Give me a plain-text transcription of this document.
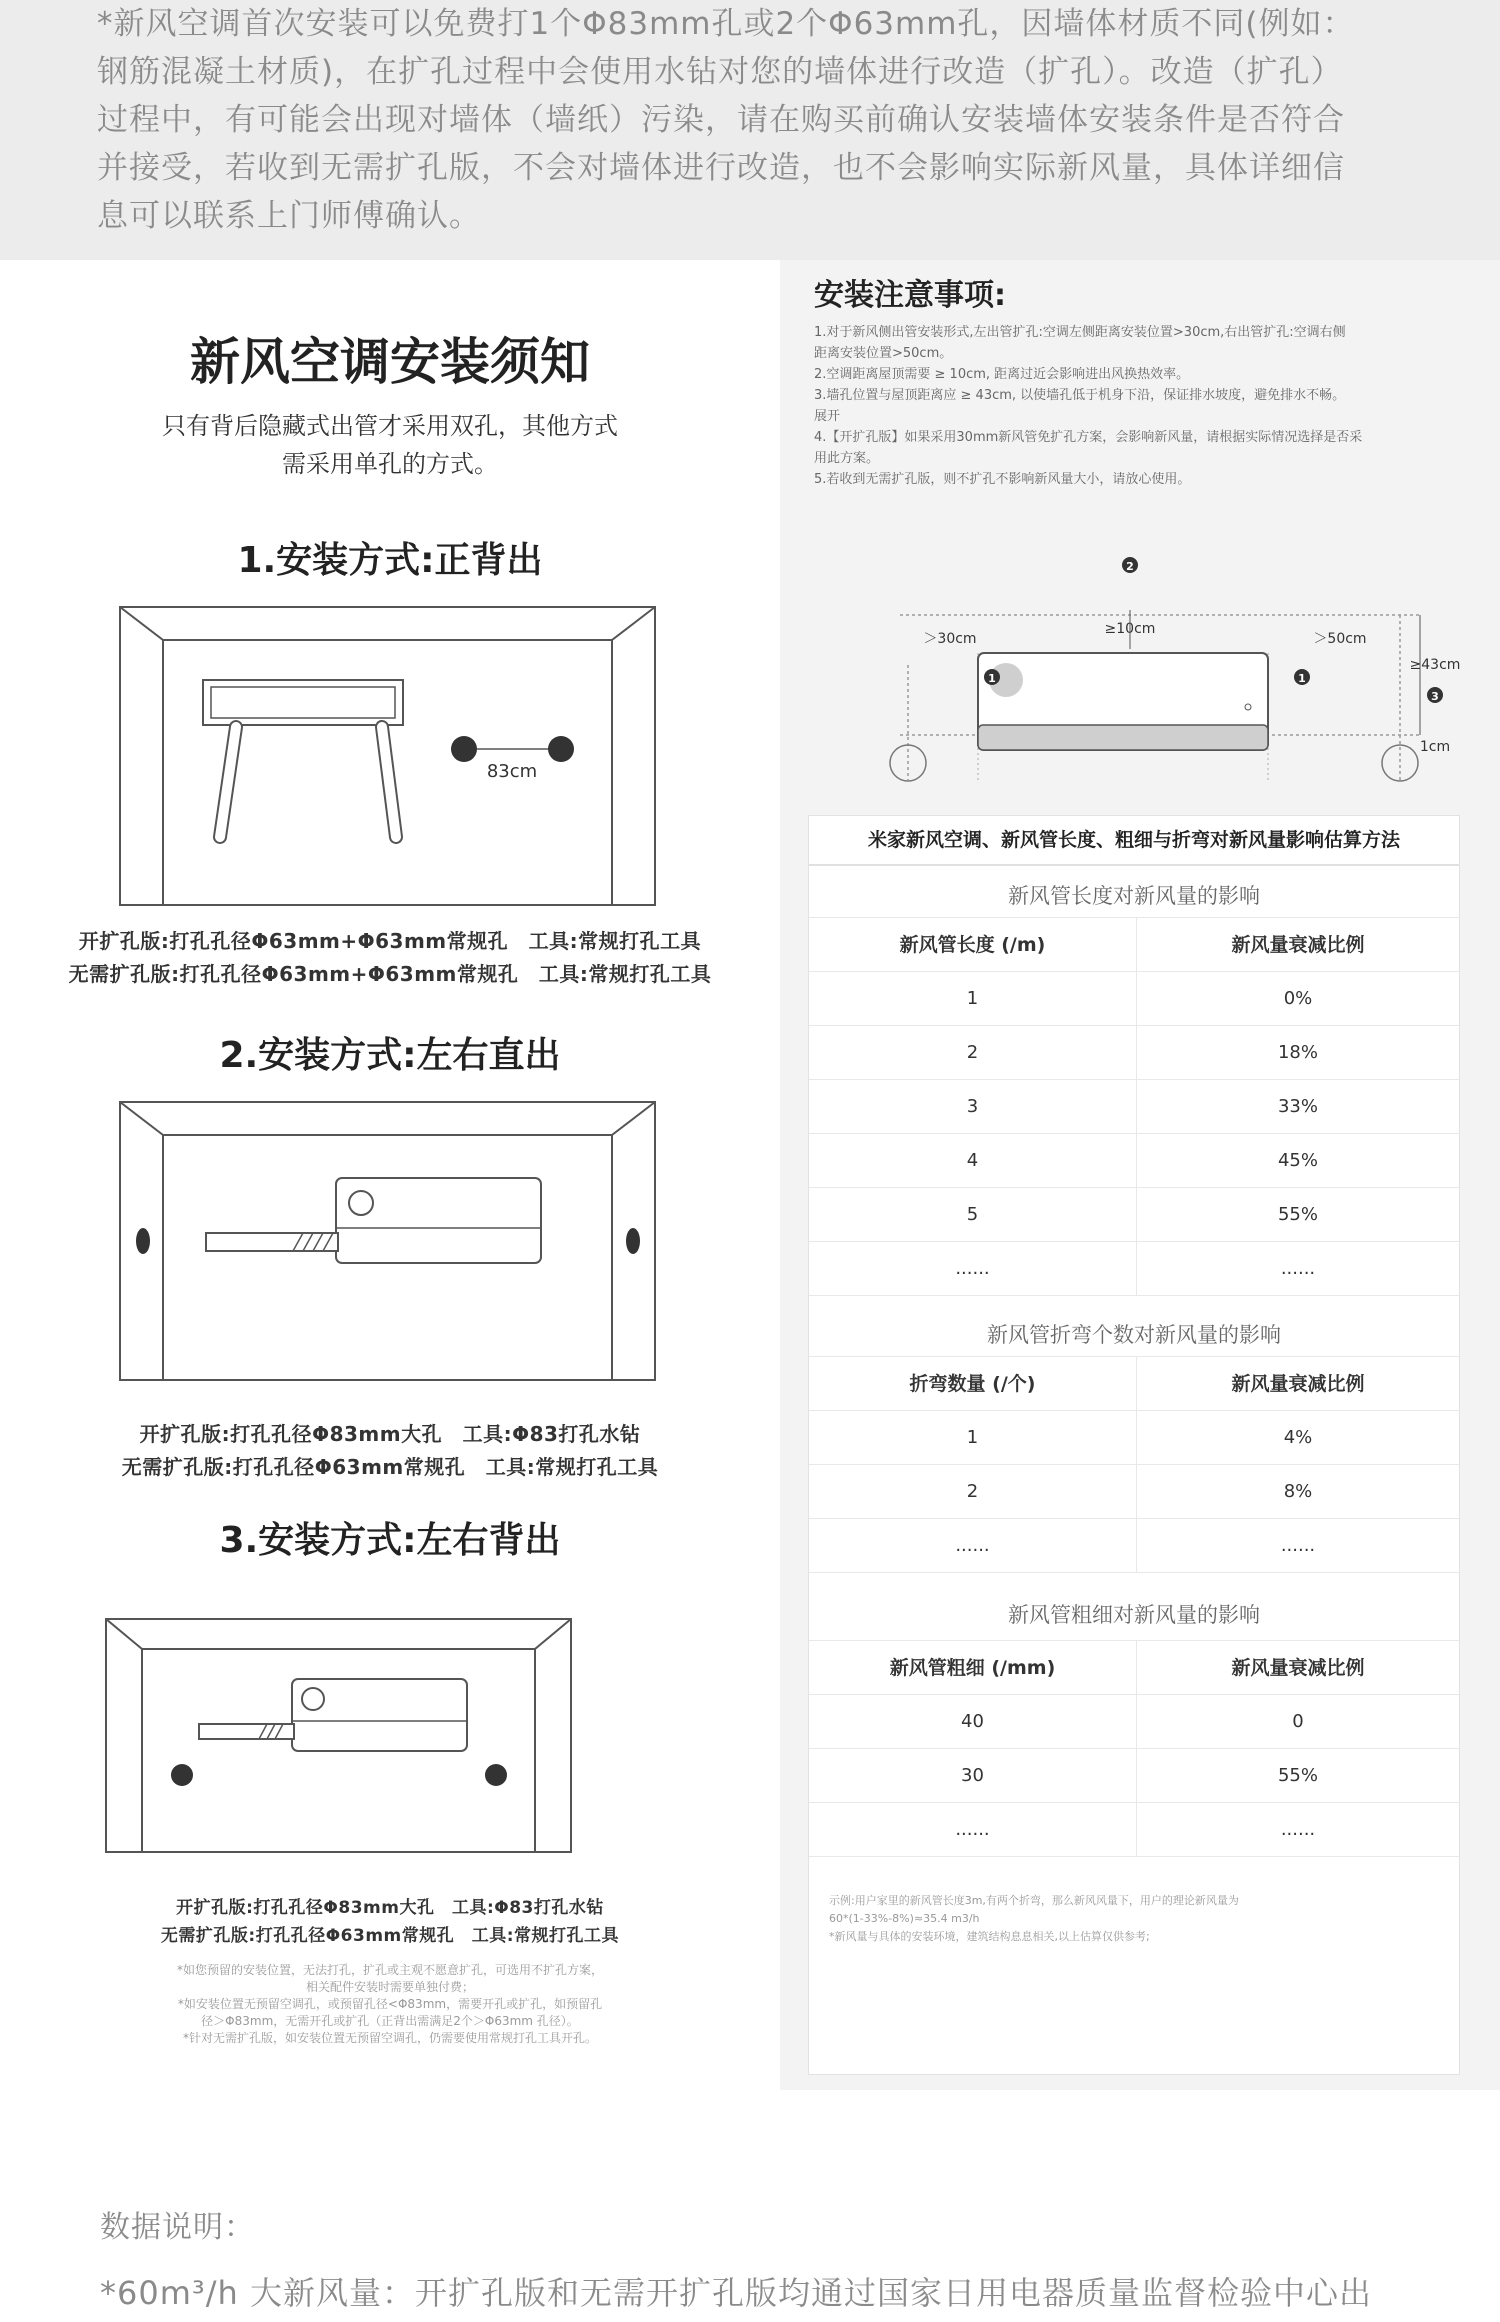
*新风空调首次安装可以免费打1个Φ83mm孔或2个Φ63mm孔，因墙体材质不同(例如：
钢筋混凝土材质)，在扩孔过程中会使用水钻对您的墙体进行改造（扩孔）。改造（扩孔）
过程中，有可能会出现对墙体（墙纸）污染，请在购买前确认安装墙体安装条件是否符合
并接受，若收到无需扩孔版，不会对墙体进行改造，也不会影响实际新风量，具体详细信
息可以联系上门师傅确认。

新风空调安装须知
只有背后隐藏式出管才采用双孔，其他方式
需采用单孔的方式。
1.安装方式:正背出
83cm
开扩孔版:打孔孔径Φ63mm+Φ63mm常规孔　工具:常规打孔工具
无需扩孔版:打孔孔径Φ63mm+Φ63mm常规孔　工具:常规打孔工具
2.安装方式:左右直出
开扩孔版:打孔孔径Φ83mm大孔　工具:Φ83打孔水钻
无需扩孔版:打孔孔径Φ63mm常规孔　工具:常规打孔工具
3.安装方式:左右背出
开扩孔版:打孔孔径Φ83mm大孔　工具:Φ83打孔水钻
无需扩孔版:打孔孔径Φ63mm常规孔　工具:常规打孔工具
*如您预留的安装位置，无法打孔，扩孔或主观不愿意扩孔，可选用不扩孔方案，
相关配件安装时需要单独付费；
*如安装位置无预留空调孔，或预留孔径<Φ83mm，需要开孔或扩孔，如预留孔
径＞Φ83mm，无需开孔或扩孔（正背出需满足2个＞Φ63mm 孔径）。
*针对无需扩孔版，如安装位置无预留空调孔，仍需要使用常规打孔工具开孔。
安装注意事项:
1.对于新风侧出管安装形式,左出管扩孔:空调左侧距离安装位置>30cm,右出管扩孔:空调右侧
距离安装位置>50cm。
2.空调距离屋顶需要 ≥ 10cm, 距离过近会影响进出风换热效率。
3.墙孔位置与屋顶距离应 ≥ 43cm, 以使墙孔低于机身下沿，保证排水坡度，避免排水不畅。
展开
4.【开扩孔版】如果采用30mm新风管免扩孔方案，会影响新风量，请根据实际情况选择是否采
用此方案。
5.若收到无需扩孔版，则不扩孔不影响新风量大小，请放心使用。
＞30cm
≥10cm
＞50cm
≥43cm
1cm
2
1	1
3
米家新风空调、新风管长度、粗细与折弯对新风量影响估算方法
新风管长度对新风量的影响
新风管长度 (/m)	新风量衰减比例
1	0%
2	18%
3	33%
4	45%
5	55%
......	......
新风管折弯个数对新风量的影响
折弯数量 (/个)	新风量衰减比例
1	4%
2	8%
......	......
新风管粗细对新风量的影响
新风管粗细 (/mm)	新风量衰减比例
40	0
30	55%
......	......
示例:用户家里的新风管长度3m,有两个折弯，那么新风风量下，用户的理论新风量为
60*(1-33%-8%)≈35.4 m3/h
*新风量与具体的安装环境，建筑结构息息相关,以上估算仅供参考;
数据说明：
*60m³/h 大新风量：开扩孔版和无需开扩孔版均通过国家日用电器质量监督检验中心出
